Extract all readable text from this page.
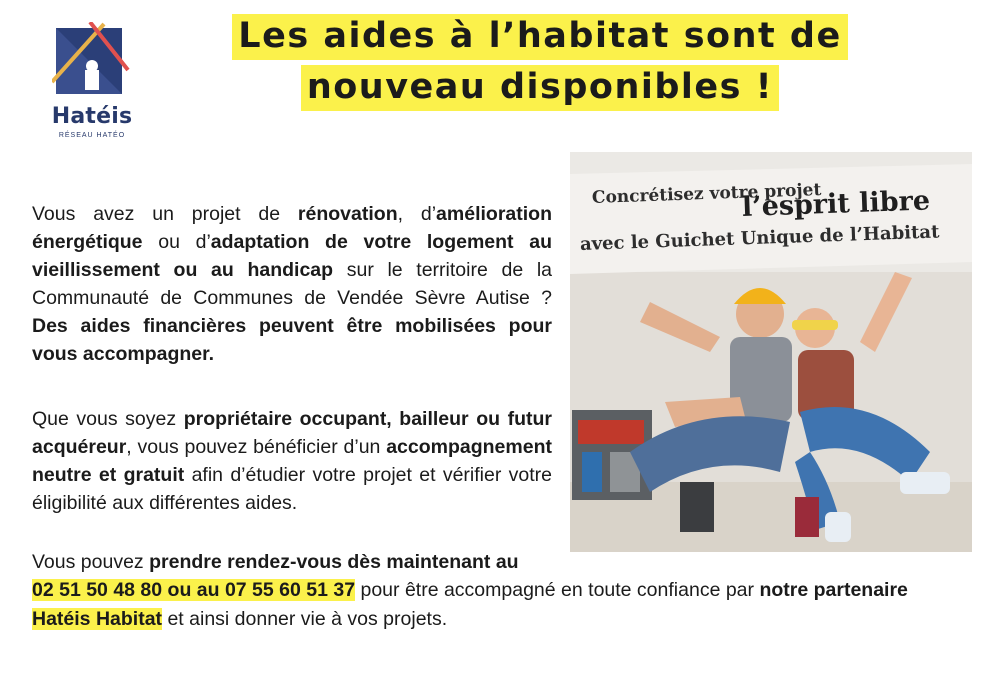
Hatéis
RÉSEAU HATÉO
Les aides à l’habitat sont de
nouveau disponibles !
Vous avez un projet de rénovation, d’amélioration énergétique ou d’adaptation de votre logement au vieillissement ou au handicap sur le territoire de la Communauté de Communes de Vendée Sèvre Autise ? Des aides financières peuvent être mobilisées pour vous accompagner.
Que vous soyez propriétaire occupant, bailleur ou futur acquéreur, vous pouvez bénéficier d’un accompagnement neutre et gratuit afin d’étudier votre projet et vérifier votre éligibilité aux différentes aides.
Vous pouvez prendre rendez-vous dès maintenant au
02 51 50 48 80 ou au 07 55 60 51 37 pour être accompagné en toute confiance par notre partenaire
Hatéis Habitat et ainsi donner vie à vos projets.
Concrétisez votre projet
l’esprit libre
avec le Guichet Unique de l’Habitat
